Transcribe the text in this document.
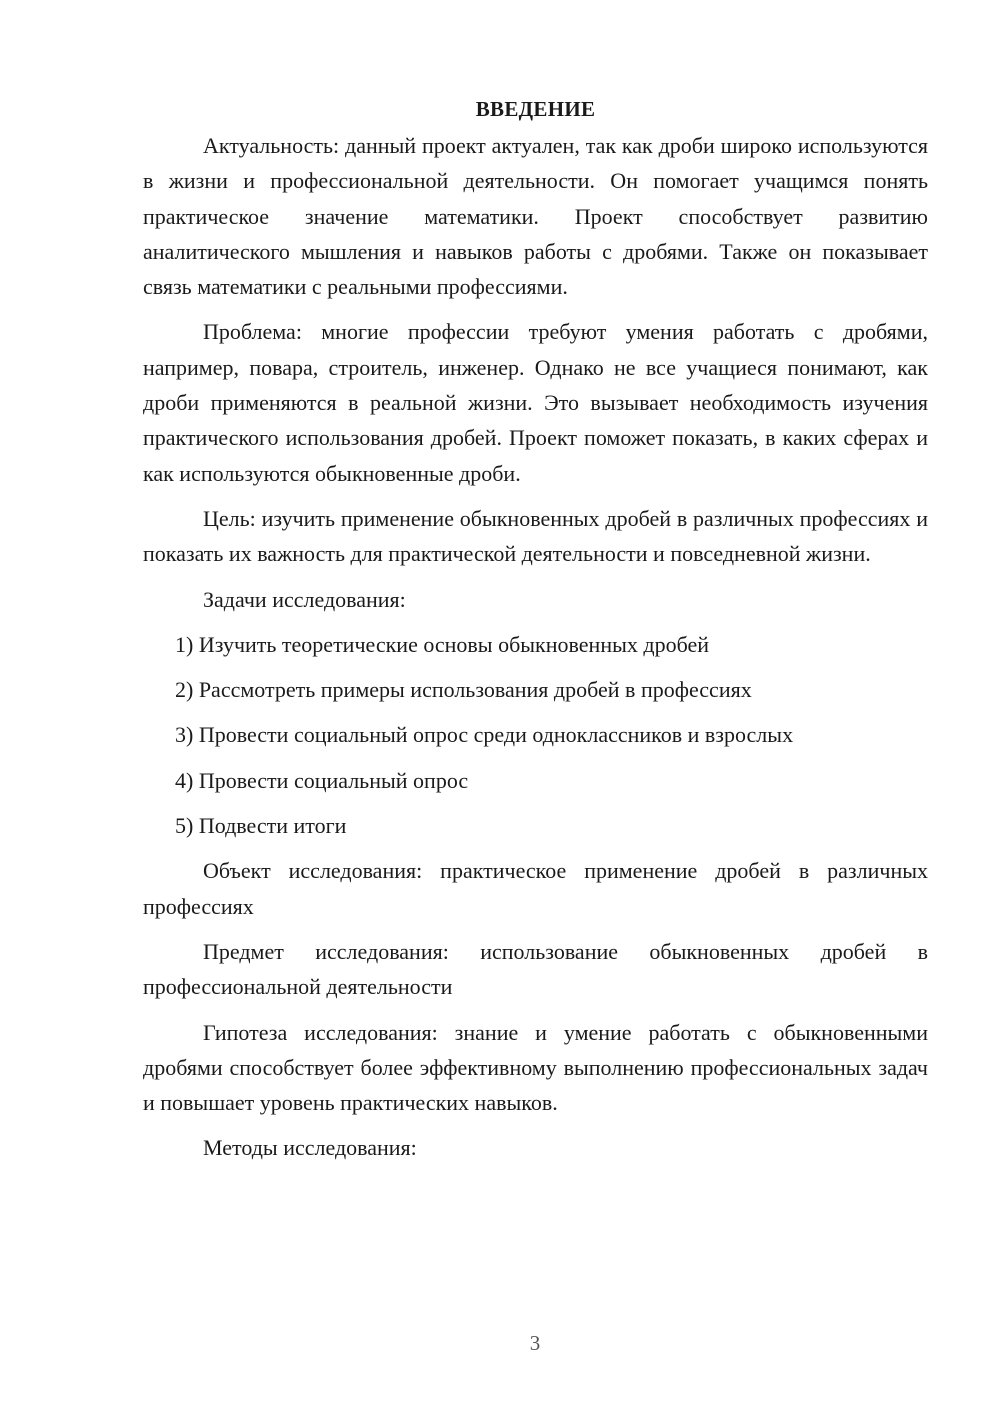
ВВЕДЕНИЕ

Актуальность: данный проект актуален, так как дроби широко используются в жизни и профессиональной деятельности. Он помогает учащимся понять практическое значение математики. Проект способствует развитию аналитического мышления и навыков работы с дробями. Также он показывает связь математики с реальными профессиями.

Проблема: многие профессии требуют умения работать с дробями, например, повара, строитель, инженер. Однако не все учащиеся понимают, как дроби применяются в реальной жизни. Это вызывает необходимость изучения практического использования дробей. Проект поможет показать, в каких сферах и как используются обыкновенные дроби.

Цель: изучить применение обыкновенных дробей в различных профессиях и показать их важность для практической деятельности и повседневной жизни.

Задачи исследования:

1) Изучить теоретические основы обыкновенных дробей
2) Рассмотреть примеры использования дробей в профессиях
3) Провести социальный опрос среди одноклассников и взрослых
4) Провести социальный опрос
5) Подвести итоги

Объект исследования: практическое применение дробей в различных профессиях

Предмет исследования: использование обыкновенных дробей в профессиональной деятельности

Гипотеза исследования: знание и умение работать с обыкновенными дробями способствует более эффективному выполнению профессиональных задач и повышает уровень практических навыков.

Методы исследования:

3
